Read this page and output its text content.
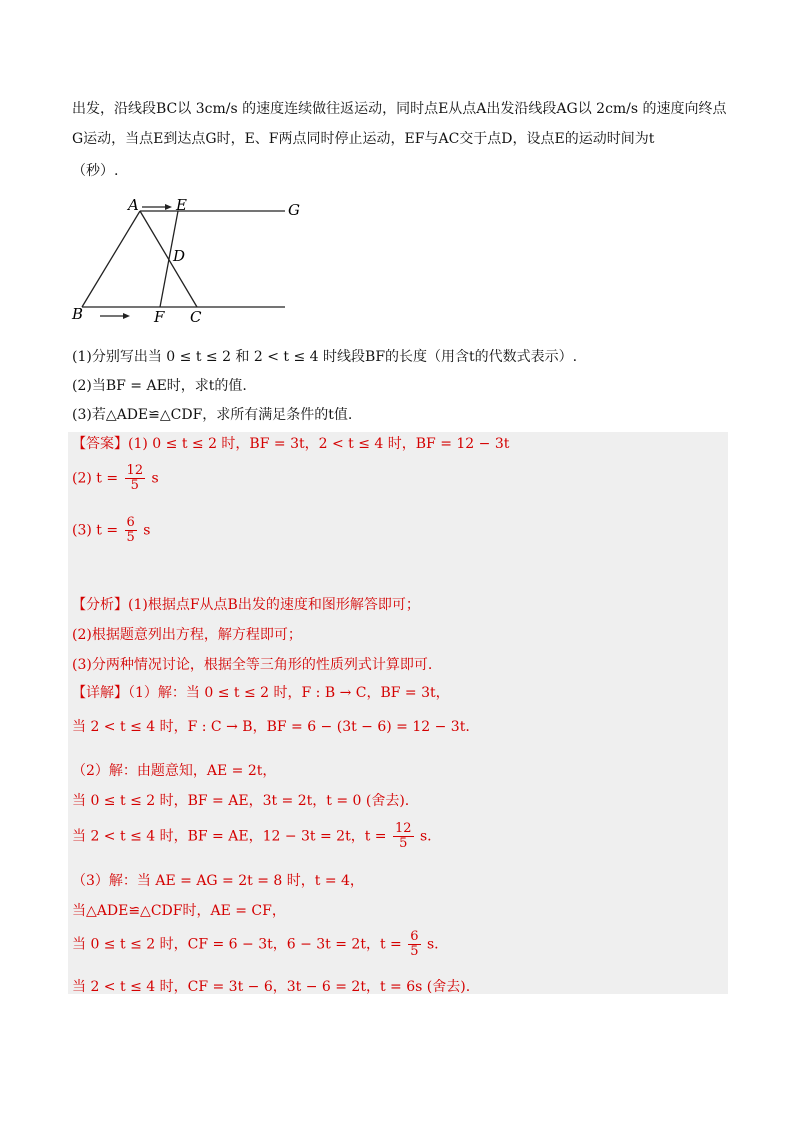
出发，沿线段BC以 3cm/s 的速度连续做往返运动，同时点E从点A出发沿线段AG以 2cm/s 的速度向终点
G运动，当点E到达点G时，E、F两点同时停止运动，EF与AC交于点D，设点E的运动时间为t
（秒）.
A E	G
D
B	F C
(1)分别写出当 0 ≤ t ≤ 2 和 2 < t ≤ 4 时线段BF的长度（用含t的代数式表示）.
(2)当BF = AE时，求t的值.
(3)若△ADE≌△CDF，求所有满足条件的t值.
【答案】(1) 0 ≤ t ≤ 2 时，BF = 3t，2 < t ≤ 4 时，BF = 12 − 3t
(2) $t = \frac{12}{5}$ s
(3) $t = \frac{6}{5}$ s
【分析】(1)根据点F从点B出发的速度和图形解答即可；
(2)根据题意列出方程，解方程即可；
(3)分两种情况讨论，根据全等三角形的性质列式计算即可.
【详解】（1）解：当 0 ≤ t ≤ 2 时，F : B → C，BF = 3t，
当 2 < t ≤ 4 时，F : C → B，BF = 6 − (3t − 6) = 12 − 3t.
（2）解：由题意知，AE = 2t，
当 0 ≤ t ≤ 2 时，BF = AE，3t = 2t，t = 0 (舍去).
当 2 < t ≤ 4 时，BF = AE，12 − 3t = 2t，$t = \frac{12}{5} s$.
（3）解：当 AE = AG = 2t = 8 时，t = 4，
当△ADE≌△CDF时，AE = CF，
当 0 ≤ t ≤ 2 时，CF = 6 − 3t，6 − 3t = 2t，$t = \frac{6}{5} s$.
当 2 < t ≤ 4 时，CF = 3t − 6，3t − 6 = 2t，t = 6s (舍去).
